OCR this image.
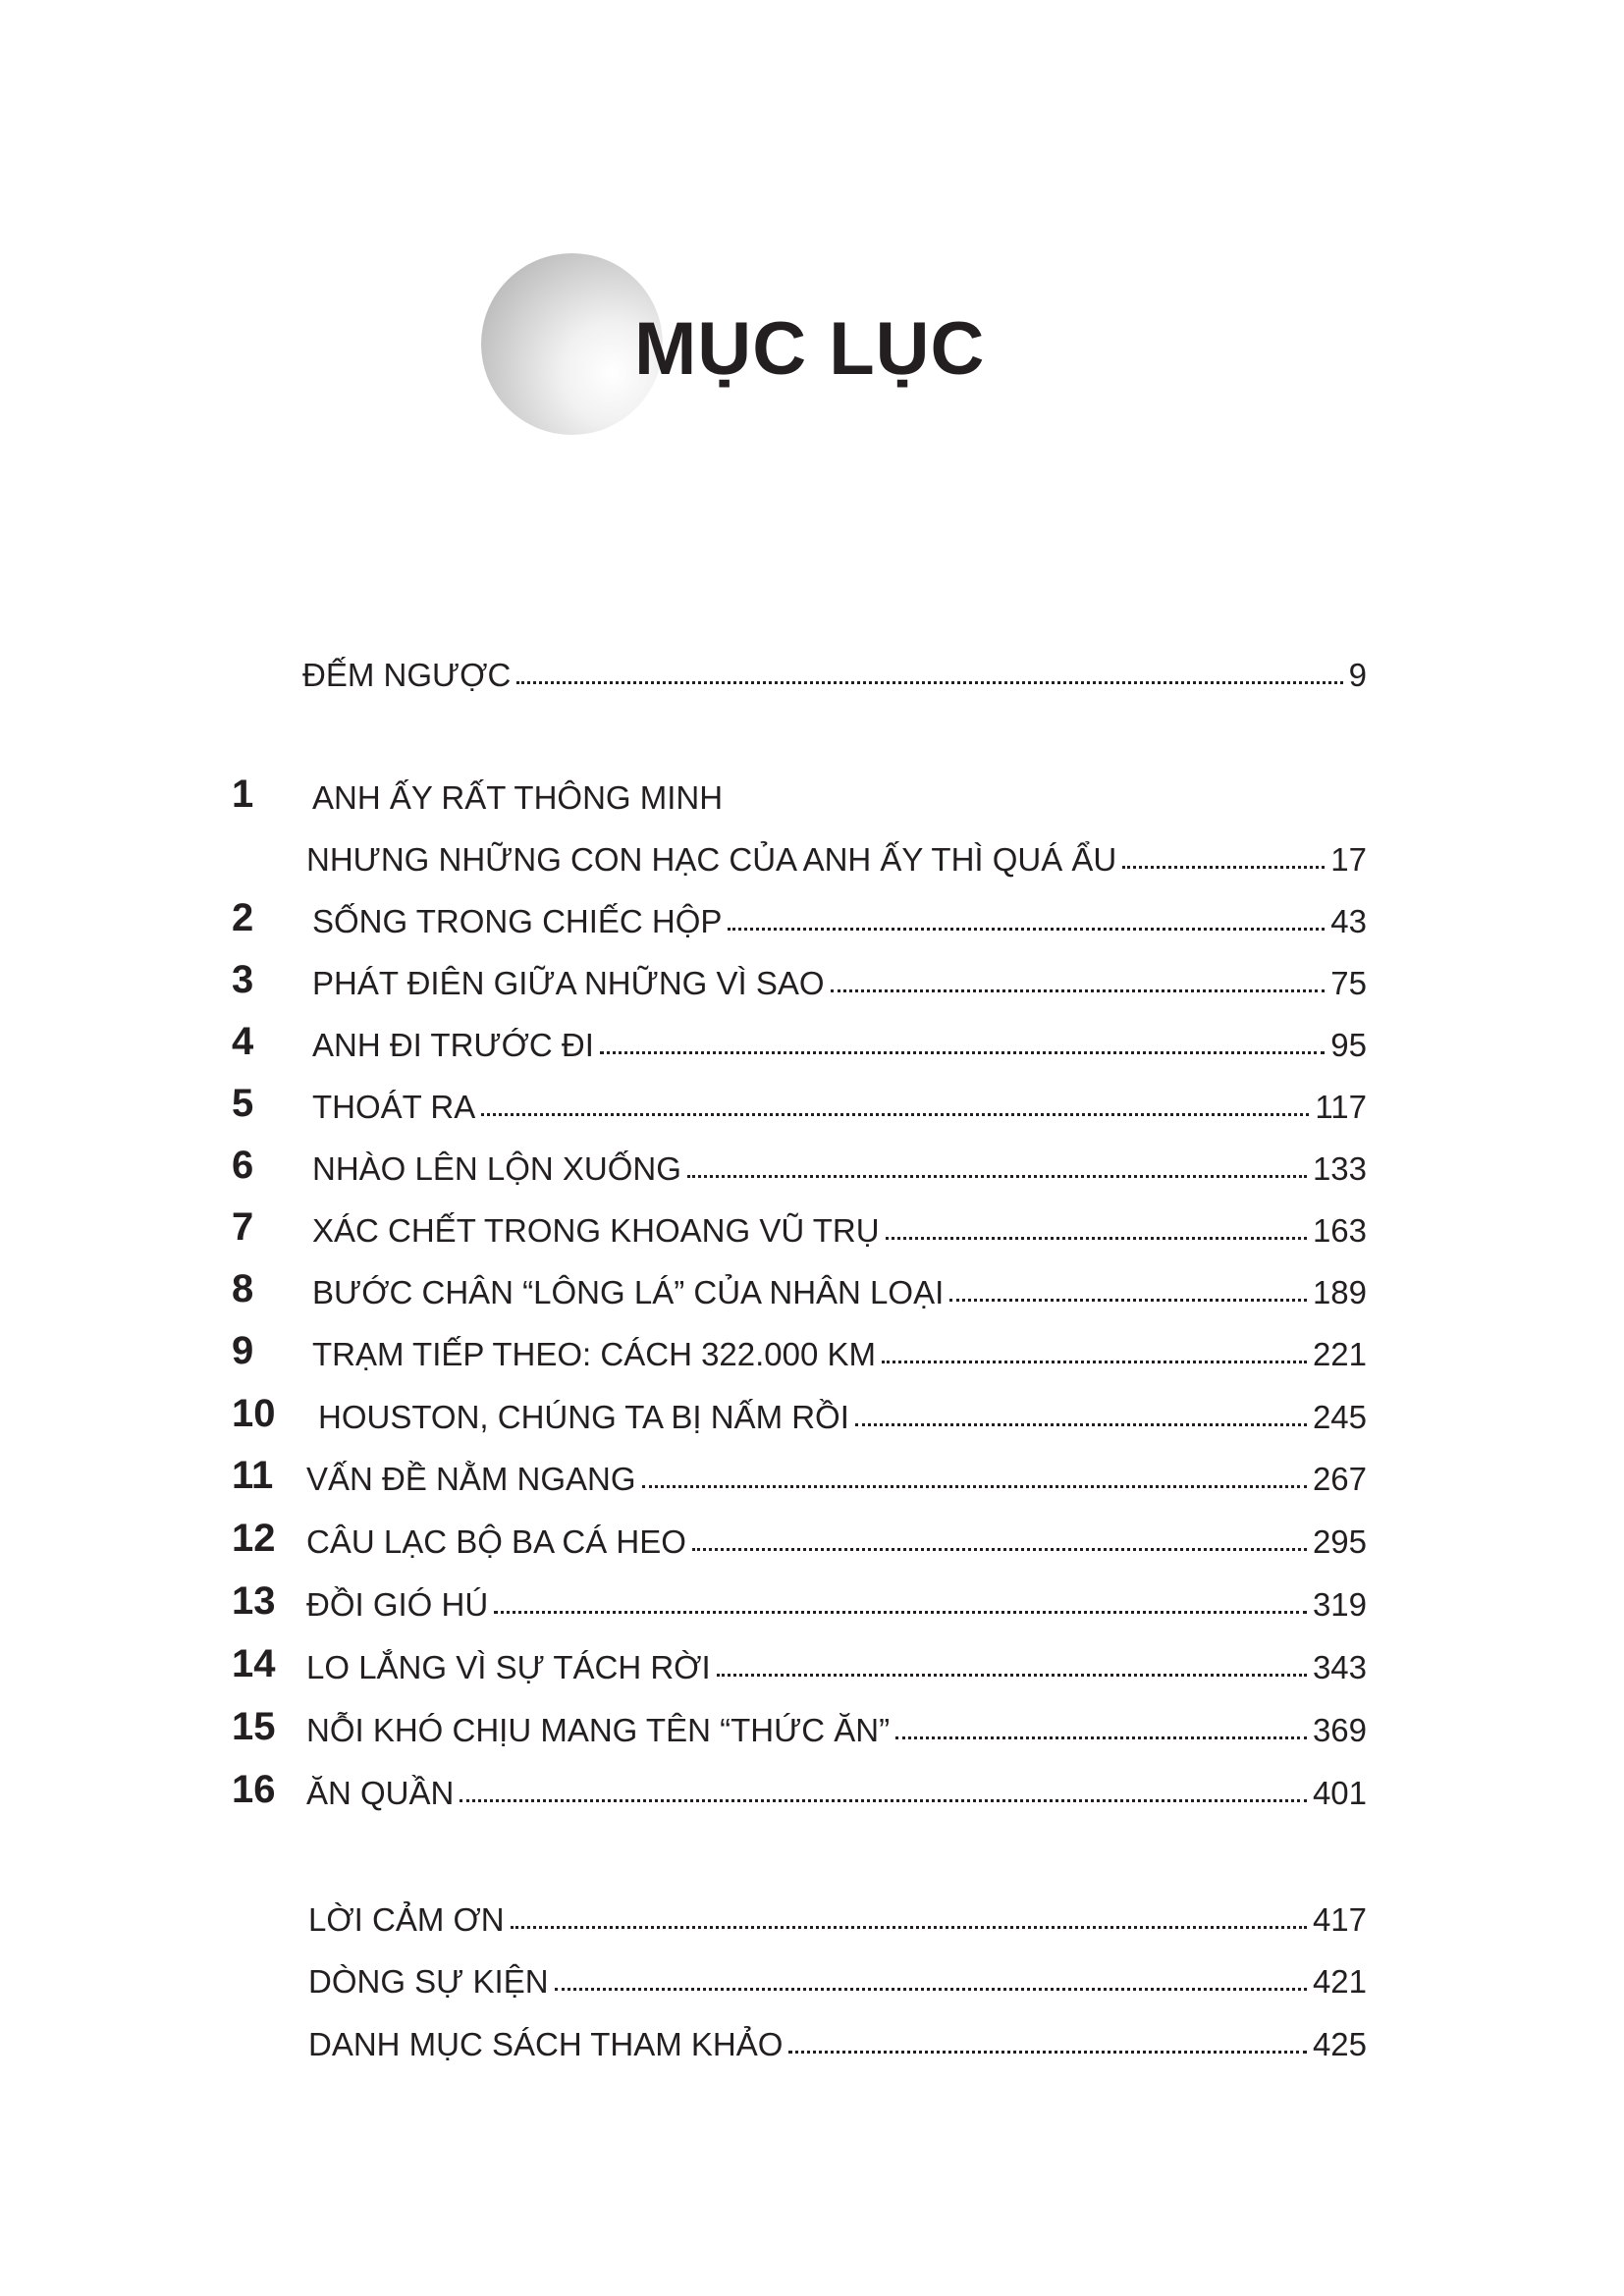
MỤC LỤC
ĐẾM NGƯỢC	9
1	ANH ẤY RẤT THÔNG MINH
NHƯNG NHỮNG CON HẠC CỦA ANH ẤY THÌ QUÁ ẨU	17
2	SỐNG TRONG CHIẾC HỘP	43
3	PHÁT ĐIÊN GIỮA NHỮNG VÌ SAO	75
4	ANH ĐI TRƯỚC ĐI	95
5	THOÁT RA	117
6	NHÀO LÊN LỘN XUỐNG	133
7	XÁC CHẾT TRONG KHOANG VŨ TRỤ	163
8	BƯỚC CHÂN “LÔNG LÁ” CỦA NHÂN LOẠI	189
9	TRẠM TIẾP THEO: CÁCH 322.000 KM	221
10	HOUSTON, CHÚNG TA BỊ NẤM RỒI	245
11	VẤN ĐỀ NẰM NGANG	267
12 CÂU LẠC BỘ BA CÁ HEO	295
13 ĐỒI GIÓ HÚ	319
14 LO LẮNG VÌ SỰ TÁCH RỜI	343
15 NỖI KHÓ CHỊU MANG TÊN “THỨC ĂN”	369
16 ĂN QUẦN	401
LỜI CẢM ƠN	417
DÒNG SỰ KIỆN	421
DANH MỤC SÁCH THAM KHẢO	425
